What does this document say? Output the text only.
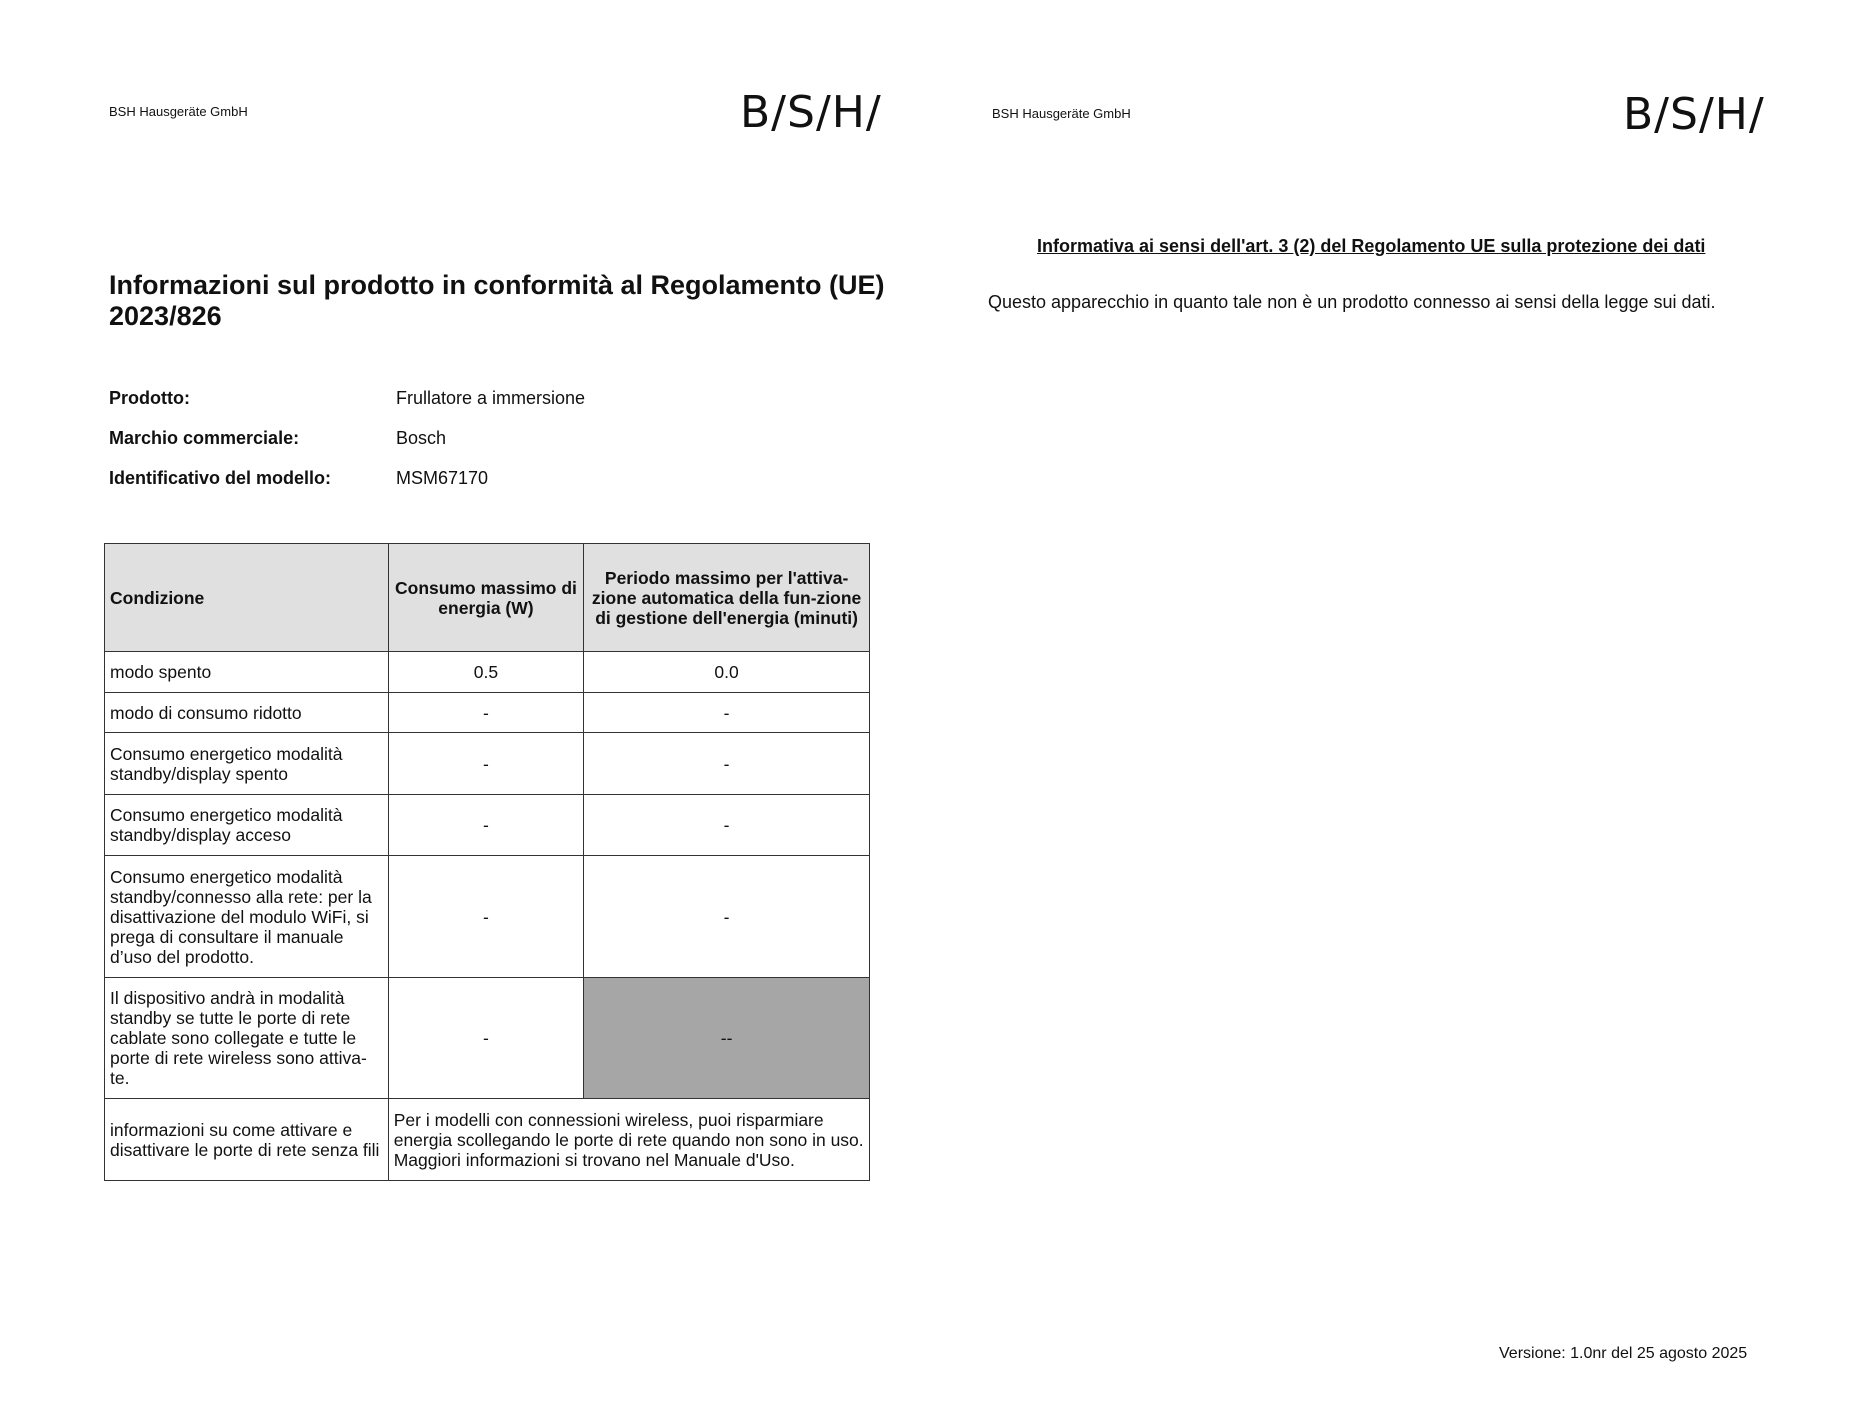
BSH Hausgeräte GmbH	B/S/H/
Informazioni sul prodotto in conformità al Regolamento (UE) 2023/826
Prodotto:	Frullatore a immersione
Marchio commerciale:	Bosch
Identificativo del modello:	MSM67170
Condizione	Consumo massimo di energia (W)	Periodo massimo per l'attiva-zione automatica della fun-zione di gestione dell'energia (minuti)
modo spento	0.5	0.0
modo di consumo ridotto	-	-
Consumo energetico modalità standby/display spento	-	-
Consumo energetico modalità standby/display acceso	-	-
Consumo energetico modalità standby/connesso alla rete: per la disattivazione del modulo WiFi, si prega di consultare il manuale d’uso del prodotto.	-	-
Il dispositivo andrà in modalità standby se tutte le porte di rete cablate sono collegate e tutte le porte di rete wireless sono attiva-te.	-	--
informazioni su come attivare e disattivare le porte di rete senza fili	Per i modelli con connessioni wireless, puoi risparmiare energia scollegando le porte di rete quando non sono in uso. Maggiori informazioni si trovano nel Manuale d'Uso.	
BSH Hausgeräte GmbH	B/S/H/
Informativa ai sensi dell'art. 3 (2) del Regolamento UE sulla protezione dei dati
Questo apparecchio in quanto tale non è un prodotto connesso ai sensi della legge sui dati.
Versione: 1.0nr del 25 agosto 2025
